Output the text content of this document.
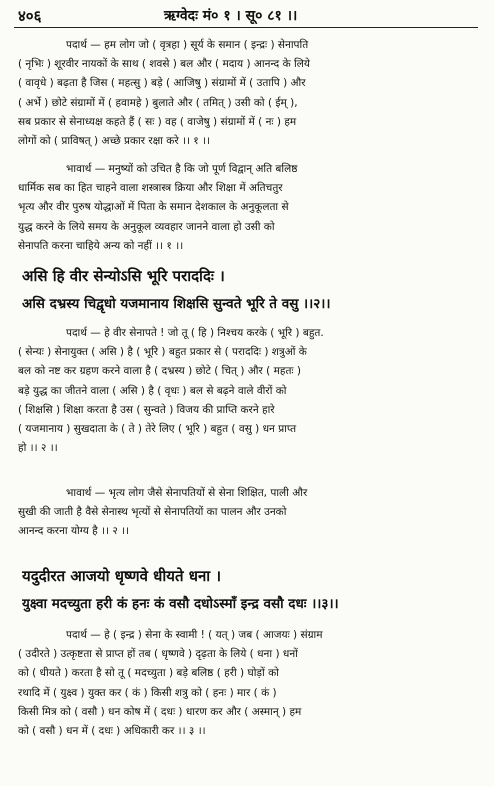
४०६	ऋग्वेदः मं० १ । सू० ८१ ।।
पदार्थ — हम लोग जो ( वृत्रहा ) सूर्य के समान ( इन्द्रः ) सेनापति
( नृभिः ) शूरवीर नायकों के साथ ( शवसे ) बल और ( मदाय ) आनन्द के लिये
( वावृधे ) बढ़ता है जिस ( महत्सु ) बड़े ( आजिषु ) संग्रामों में ( उतापि ) और
( अर्भे ) छोटे संग्रामों में ( हवामहे ) बुलाते और ( तमित् ) उसी को ( ईम् ),
सब प्रकार से सेनाध्यक्ष कहते हैं ( सः ) वह ( वाजेषु ) संग्रामों में ( नः ) हम
लोगों को ( प्राविषत् ) अच्छे प्रकार रक्षा करे ।। १ ।।
भावार्थ — मनुष्यों को उचित है कि जो पूर्ण विद्वान् अति बलिष्ठ
धार्मिक सब का हित चाहने वाला शस्त्रास्त्र क्रिया और शिक्षा में अतिचतुर
भृत्य और वीर पुरुष योद्धाओं में पिता के समान देशकाल के अनुकूलता से
युद्ध करने के लिये समय के अनुकूल व्यवहार जानने वाला हो उसी को
सेनापति करना चाहिये अन्य को नहीं ।। १ ।।
असि हि वीर सेन्योऽसि भूरि पराददिः ।
असि दभ्रस्य चिद्वृधो यजमानाय शिक्षसि सुन्वते भूरि ते वसु ।।२।।
पदार्थ — हे वीर सेनापते ! जो तू ( हि ) निश्चय करके ( भूरि ) बहुत.
( सेन्यः ) सेनायुक्त ( असि ) है ( भूरि ) बहुत प्रकार से ( पराददिः ) शत्रुओं के
बल को नष्ट कर ग्रहण करने वाला है ( दभ्रस्य ) छोटे ( चित् ) और ( महतः )
बड़े युद्ध का जीतने वाला ( असि ) है ( वृधः ) बल से बढ़ने वाले वीरों को
( शिक्षसि ) शिक्षा करता है उस ( सुन्वते ) विजय की प्राप्ति करने हारे
( यजमानाय ) सुखदाता के ( ते ) तेरे लिए ( भूरि ) बहुत ( वसु ) धन प्राप्त
हो ।। २ ।।
भावार्थ — भृत्य लोग जैसे सेनापतियों से सेना शिक्षित, पाली और
सुखी की जाती है वैसे सेनास्थ भृत्यों से सेनापतियों का पालन और उनको
आनन्द करना योग्य है ।। २ ।।
यदुदीरत आजयो धृष्णवे धीयते धना ।
युक्ष्वा मदच्युता हरी कं हनः कं वसौ दधोऽस्माँ इन्द्र वसौ दधः ।।३।।
पदार्थ — हे ( इन्द्र ) सेना के स्वामी ! ( यत् ) जब ( आजयः ) संग्राम
( उदीरते ) उत्कृष्टता से प्राप्त हों तब ( धृष्णवे ) दृढ़ता के लिये ( धना ) धनों
को ( धीयते ) करता है सो तू ( मदच्युता ) बड़े बलिष्ठ ( हरी ) घोड़ों को
रथादि में ( युक्ष्व ) युक्त कर ( कं ) किसी शत्रु को ( हनः ) मार ( कं )
किसी मित्र को ( वसौ ) धन कोष में ( दधः ) धारण कर और ( अस्मान् ) हम
को ( वसौ ) धन में ( दधः ) अधिकारी कर ।। ३ ।।
